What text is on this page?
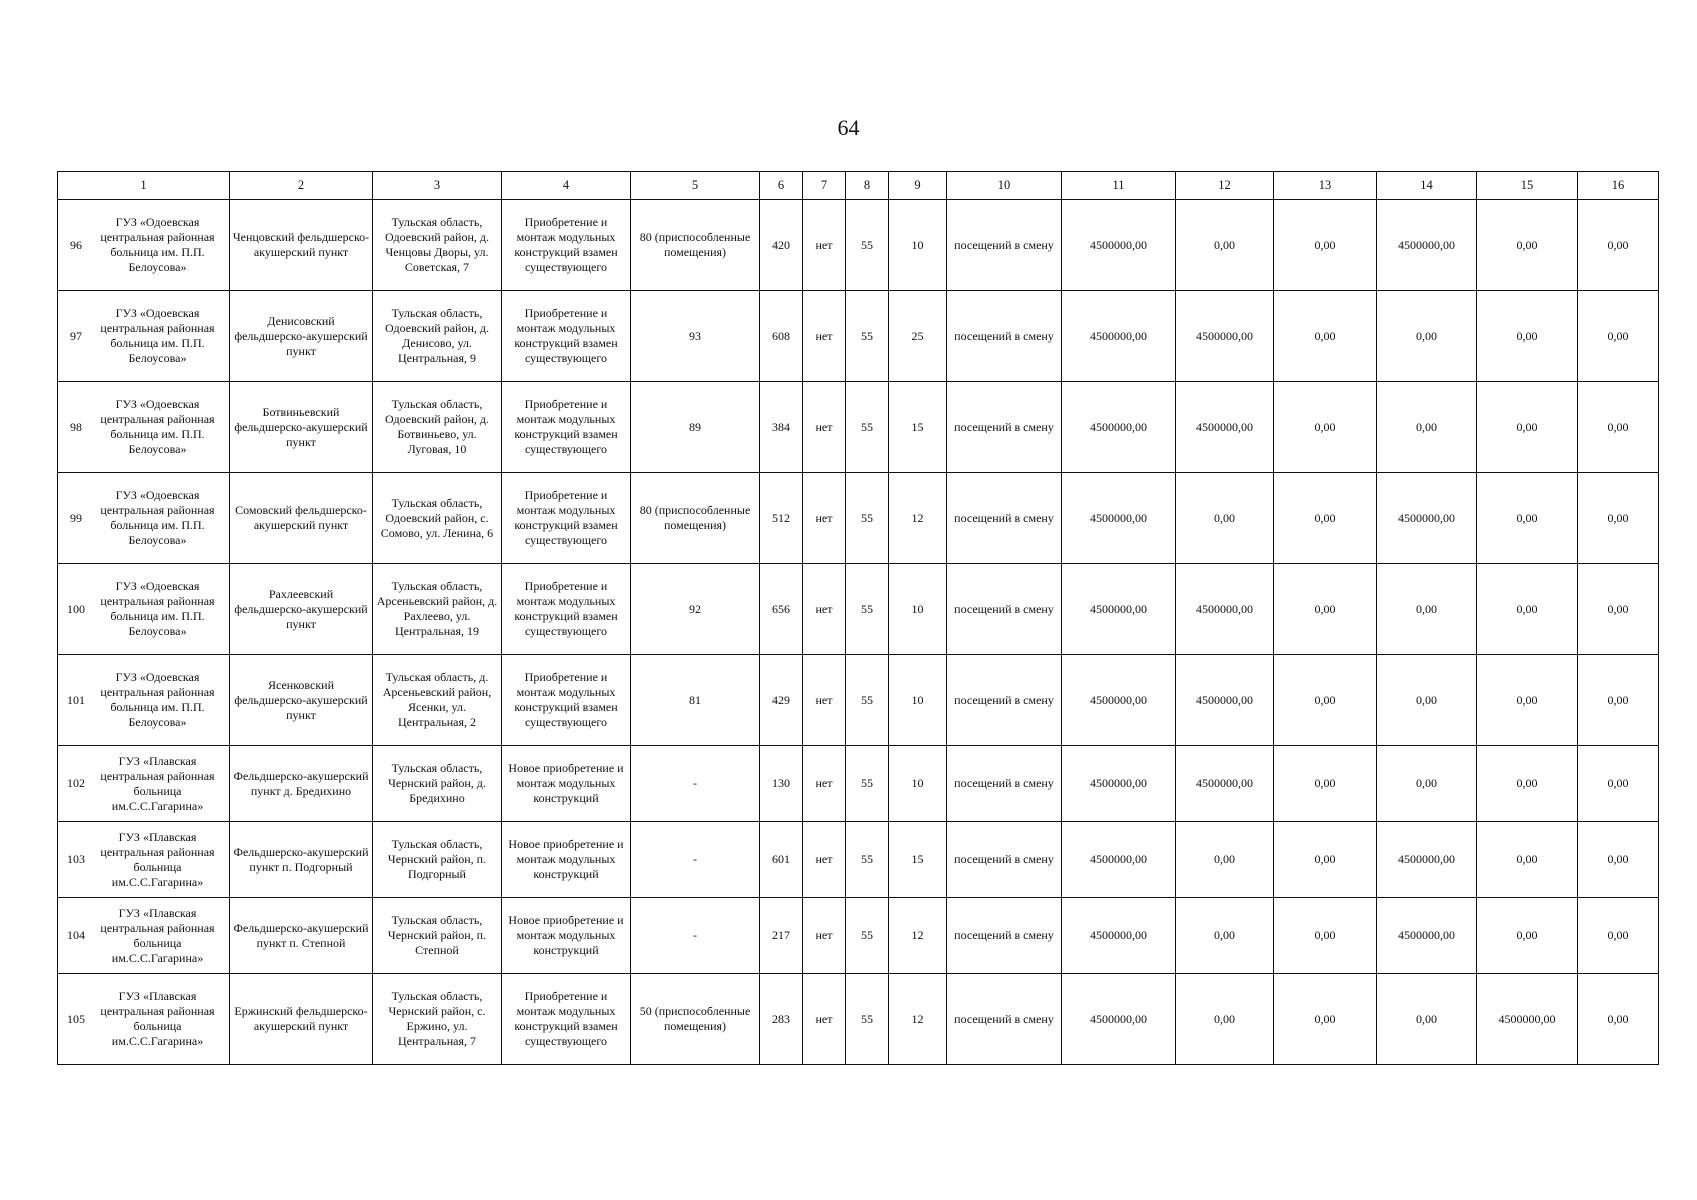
64
1	2	3	4	5	6	7	8	9	10	11	12	13	14	15	16

96
ГУЗ «Одоевская центральная районная больница им. П.П. Белоусова»	Ченцовский фельдшерско-акушерский пункт	Тульская область, Одоевский район, д. Ченцовы Дворы, ул. Советская, 7	Приобретение и монтаж модульных конструкций взамен существующего	80 (приспособленные помещения)	420	нет	55	10	посещений в смену	4500000,00	0,00	0,00	4500000,00	0,00	0,00

97
ГУЗ «Одоевская центральная районная больница им. П.П. Белоусова»	Денисовский фельдшерско-акушерский пункт	Тульская область, Одоевский район, д. Денисово, ул. Центральная, 9	Приобретение и монтаж модульных конструкций взамен существующего	93	608	нет	55	25	посещений в смену	4500000,00	4500000,00	0,00	0,00	0,00	0,00

98
ГУЗ «Одоевская центральная районная больница им. П.П. Белоусова»	Ботвиньевский фельдшерско-акушерский пункт	Тульская область, Одоевский район, д. Ботвиньево, ул. Луговая, 10	Приобретение и монтаж модульных конструкций взамен существующего	89	384	нет	55	15	посещений в смену	4500000,00	4500000,00	0,00	0,00	0,00	0,00

99
ГУЗ «Одоевская центральная районная больница им. П.П. Белоусова»	Сомовский фельдшерско-акушерский пункт	Тульская область, Одоевский район, с. Сомово, ул. Ленина, 6	Приобретение и монтаж модульных конструкций взамен существующего	80 (приспособленные помещения)	512	нет	55	12	посещений в смену	4500000,00	0,00	0,00	4500000,00	0,00	0,00

100
ГУЗ «Одоевская центральная районная больница им. П.П. Белоусова»	Рахлеевский фельдшерско-акушерский пункт	Тульская область, Арсеньевский район, д. Рахлеево, ул. Центральная, 19	Приобретение и монтаж модульных конструкций взамен существующего	92	656	нет	55	10	посещений в смену	4500000,00	4500000,00	0,00	0,00	0,00	0,00

101
ГУЗ «Одоевская центральная районная больница им. П.П. Белоусова»	Ясенковский фельдшерско-акушерский пункт	Тульская область, д. Арсеньевский район, Ясенки, ул. Центральная, 2	Приобретение и монтаж модульных конструкций взамен существующего	81	429	нет	55	10	посещений в смену	4500000,00	4500000,00	0,00	0,00	0,00	0,00

102
ГУЗ «Плавская центральная районная больница им.С.С.Гагарина»	Фельдшерско-акушерский пункт д. Бредихино	Тульская область, Чернский район, д. Бредихино	Новое приобретение и монтаж модульных конструкций	-	130	нет	55	10	посещений в смену	4500000,00	4500000,00	0,00	0,00	0,00	0,00

103
ГУЗ «Плавская центральная районная больница им.С.С.Гагарина»	Фельдшерско-акушерский пункт п. Подгорный	Тульская область, Чернский район, п. Подгорный	Новое приобретение и монтаж модульных конструкций	-	601	нет	55	15	посещений в смену	4500000,00	0,00	0,00	4500000,00	0,00	0,00

104
ГУЗ «Плавская центральная районная больница им.С.С.Гагарина»	Фельдшерско-акушерский пункт п. Степной	Тульская область, Чернский район, п. Степной	Новое приобретение и монтаж модульных конструкций	-	217	нет	55	12	посещений в смену	4500000,00	0,00	0,00	4500000,00	0,00	0,00

105
ГУЗ «Плавская центральная районная больница им.С.С.Гагарина»	Ержинский фельдшерско-акушерский пункт	Тульская область, Чернский район, с. Ержино, ул. Центральная, 7	Приобретение и монтаж модульных конструкций взамен существующего	50 (приспособленные помещения)	283	нет	55	12	посещений в смену	4500000,00	0,00	0,00	0,00	4500000,00	0,00
